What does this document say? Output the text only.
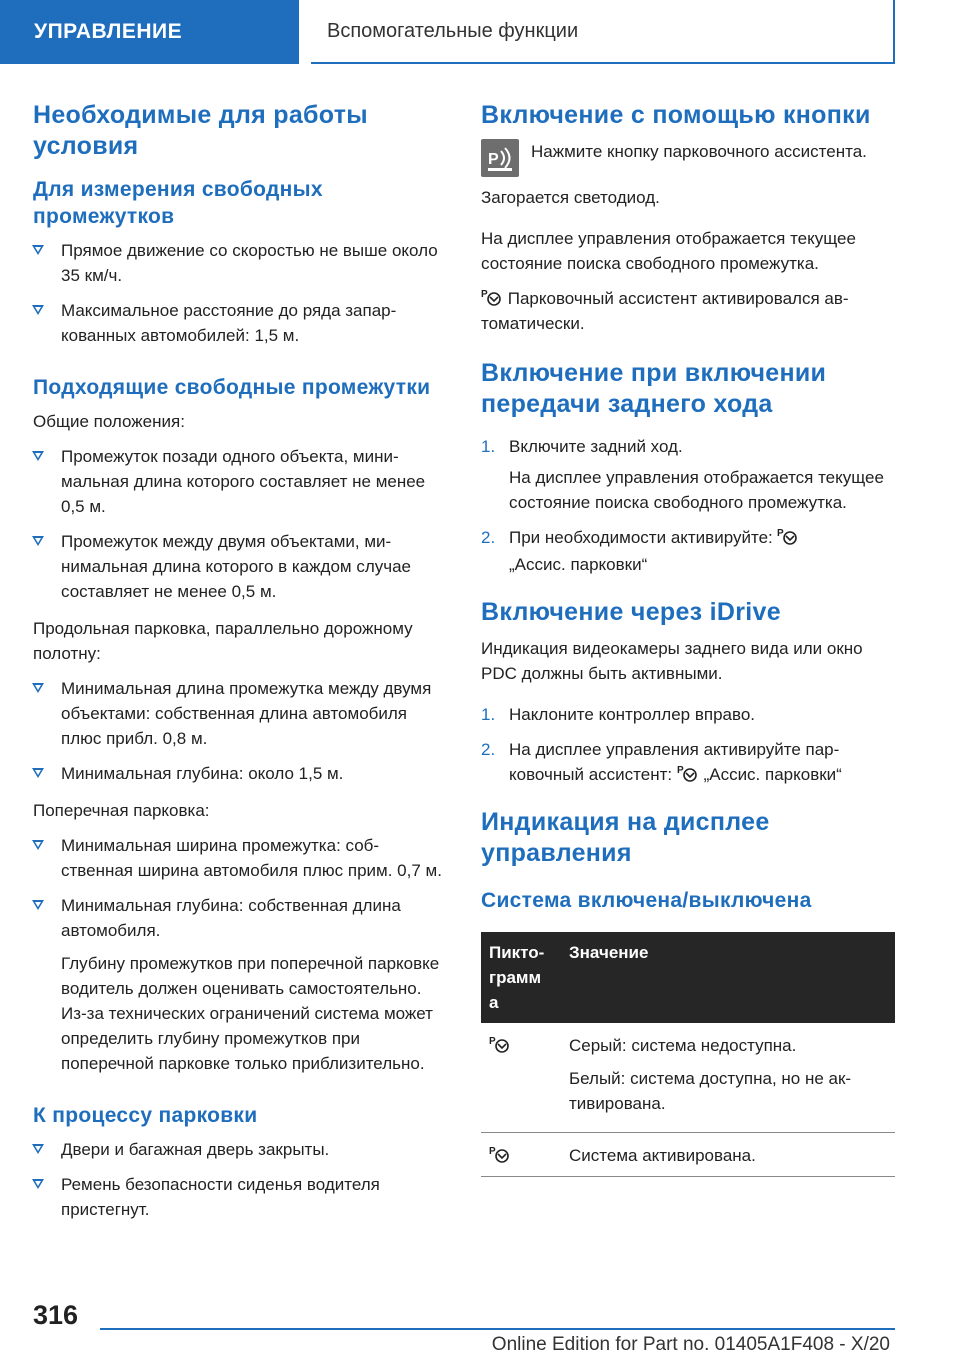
УПРАВЛЕНИЕ	Вспомогательные функции
Необходимые для работы условия
Для измерения свободных промежутков
Прямое движение со скоростью не выше около 35 км/ч.
Максимальное расстояние до ряда запаркованных автомобилей: 1,5 м.
Подходящие свободные промежутки

Общие положения:

Промежуток позади одного объекта, минимальная длина которого составляет не менее 0,5 м.
Промежуток между двумя объектами, минимальная длина которого в каждом случае составляет не менее 0,5 м.

Продольная парковка, параллельно дорожному полотну:

Минимальная длина промежутка между двумя объектами: собственная длина автомобиля плюс прибл. 0,8 м.
Минимальная глубина: около 1,5 м.

Поперечная парковка:

Минимальная ширина промежутка: собственная ширина автомобиля плюс прим. 0,7 м.
Минимальная глубина: собственная длина автомобиля.

Глубину промежутков при поперечной парковке водитель должен оценивать самостоятельно. Из-за технических ограничений система может определить глубину промежутков при поперечной парковке только приблизительно.

К процессу парковки
Двери и багажная дверь закрыты.
Ремень безопасности сиденья водителя пристегнут.
Включение с помощью кнопки
P Нажмите кнопку парковочного ассистента.

Загорается светодиод.

На дисплее управления отображается текущее состояние поиска свободного промежутка.

P Парковочный ассистент активировался автоматически.

Включение при включении передачи заднего хода
1. Включите задний ход.

На дисплее управления отображается текущее состояние поиска свободного промежутка.

2. При необходимости активируйте: P

„Ассис. парковки“

Включение через iDrive

Индикация видеокамеры заднего вида или окно PDC должны быть активными.

1. Наклоните контроллер вправо.
2. На дисплее управления активируйте парковочный ассистент: P „Ассис. парковки“
Индикация на дисплее управления
Система включена/выключена
Пиктограмм а	Значение

P	Серый: система недоступна.

Белый: система доступна, но не активирована.

P	Система активирована.
316
Online Edition for Part no. 01405A1F408 - X/20
